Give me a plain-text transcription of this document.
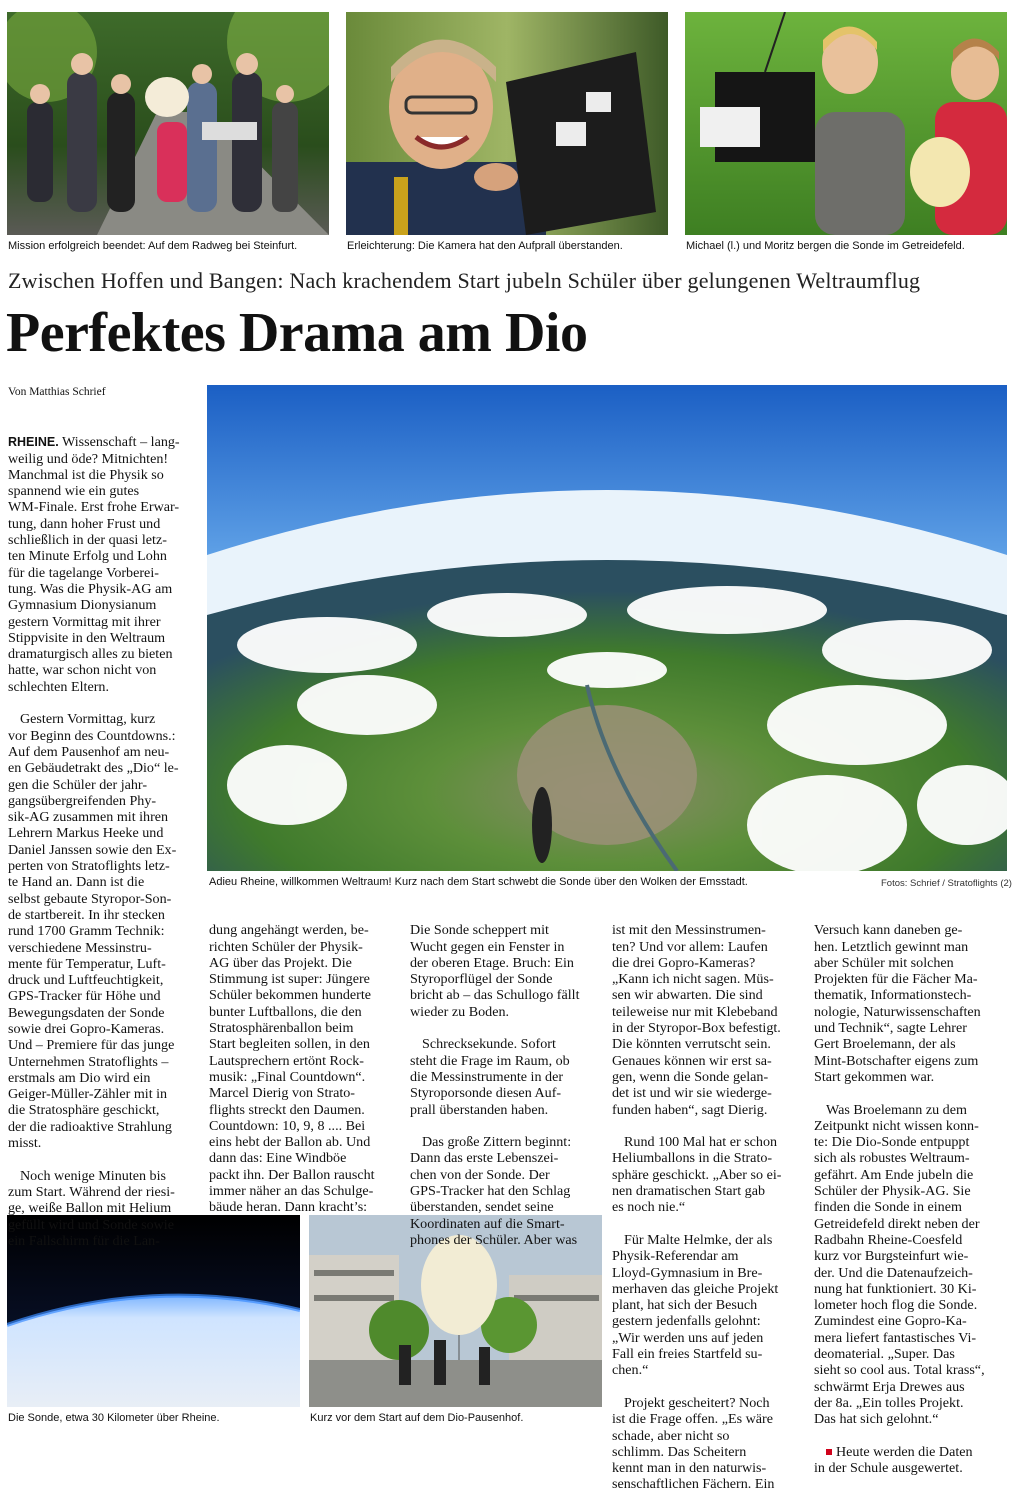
Mission erfolgreich beendet: Auf dem Radweg bei Steinfurt.	Erleichterung: Die Kamera hat den Aufprall überstanden.	Michael (l.) und Moritz bergen die Sonde im Getreidefeld.
Zwischen Hoffen und Bangen: Nach krachendem Start jubeln Schüler über gelungenen Weltraumflug
Perfektes Drama am Dio
Von Matthias Schrief
Adieu Rheine, willkommen Weltraum! Kurz nach dem Start schwebt die Sonde über den Wolken der Emsstadt.	Fotos: Schrief / Stratoflights (2)
Die Sonde, etwa 30 Kilometer über Rheine.	Kurz vor dem Start auf dem Dio-Pausenhof.

RHEINE. Wissenschaft – lang-
weilig und öde? Mitnichten!
Manchmal ist die Physik so
spannend wie ein gutes
WM-Finale. Erst frohe Erwar-
tung, dann hoher Frust und
schließlich in der quasi letz-
ten Minute Erfolg und Lohn
für die tagelange Vorberei-
tung. Was die Physik-AG am
Gymnasium Dionysianum
gestern Vormittag mit ihrer
Stippvisite in den Weltraum
dramaturgisch alles zu bieten
hatte, war schon nicht von
schlechten Eltern.

Gestern Vormittag, kurz
vor Beginn des Countdowns.:
Auf dem Pausenhof am neu-
en Gebäudetrakt des „Dio“ le-
gen die Schüler der jahr-
gangsübergreifenden Phy-
sik-AG zusammen mit ihren
Lehrern Markus Heeke und
Daniel Janssen sowie den Ex-
perten von Stratoflights letz-
te Hand an. Dann ist die
selbst gebaute Styropor-Son-
de startbereit. In ihr stecken
rund 1700 Gramm Technik:
verschiedene Messinstru-
mente für Temperatur, Luft-
druck und Luftfeuchtigkeit,
GPS-Tracker für Höhe und
Bewegungsdaten der Sonde
sowie drei Gopro-Kameras.
Und – Premiere für das junge
Unternehmen Stratoflights –
erstmals am Dio wird ein
Geiger-Müller-Zähler mit in
die Stratosphäre geschickt,
der die radioaktive Strahlung
misst.

Noch wenige Minuten bis
zum Start. Während der riesi-
ge, weiße Ballon mit Helium
gefüllt wird und Sonde sowie
ein Fallschirm für die Lan-

dung angehängt werden, be-
richten Schüler der Physik-
AG über das Projekt. Die
Stimmung ist super: Jüngere
Schüler bekommen hunderte
bunter Luftballons, die den
Stratosphärenballon beim
Start begleiten sollen, in den
Lautsprechern ertönt Rock-
musik: „Final Countdown“.
Marcel Dierig von Strato-
flights streckt den Daumen.
Countdown: 10, 9, 8 .... Bei
eins hebt der Ballon ab. Und
dann das: Eine Windböe
packt ihn. Der Ballon rauscht
immer näher an das Schulge-
bäude heran. Dann kracht’s:

Die Sonde scheppert mit
Wucht gegen ein Fenster in
der oberen Etage. Bruch: Ein
Styroporflügel der Sonde
bricht ab – das Schullogo fällt
wieder zu Boden.

Schrecksekunde. Sofort
steht die Frage im Raum, ob
die Messinstrumente in der
Styroporsonde diesen Auf-
prall überstanden haben.

Das große Zittern beginnt:
Dann das erste Lebenszei-
chen von der Sonde. Der
GPS-Tracker hat den Schlag
überstanden, sendet seine
Koordinaten auf die Smart-
phones der Schüler. Aber was

ist mit den Messinstrumen-
ten? Und vor allem: Laufen
die drei Gopro-Kameras?
„Kann ich nicht sagen. Müs-
sen wir abwarten. Die sind
teileweise nur mit Klebeband
in der Styropor-Box befestigt.
Die könnten verrutscht sein.
Genaues können wir erst sa-
gen, wenn die Sonde gelan-
det ist und wir sie wiederge-
funden haben“, sagt Dierig.

Rund 100 Mal hat er schon
Heliumballons in die Strato-
sphäre geschickt. „Aber so ei-
nen dramatischen Start gab
es noch nie.“

Für Malte Helmke, der als
Physik-Referendar am
Lloyd-Gymnasium in Bre-
merhaven das gleiche Projekt
plant, hat sich der Besuch
gestern jedenfalls gelohnt:
„Wir werden uns auf jeden
Fall ein freies Startfeld su-
chen.“

Projekt gescheitert? Noch
ist die Frage offen. „Es wäre
schade, aber nicht so
schlimm. Das Scheitern
kennt man in den naturwis-
senschaftlichen Fächern. Ein

Versuch kann daneben ge-
hen. Letztlich gewinnt man
aber Schüler mit solchen
Projekten für die Fächer Ma-
thematik, Informationstech-
nologie, Naturwissenschaften
und Technik“, sagte Lehrer
Gert Broelemann, der als
Mint-Botschafter eigens zum
Start gekommen war.

Was Broelemann zu dem
Zeitpunkt nicht wissen konn-
te: Die Dio-Sonde entpuppt
sich als robustes Weltraum-
gefährt. Am Ende jubeln die
Schüler der Physik-AG. Sie
finden die Sonde in einem
Getreidefeld direkt neben der
Radbahn Rheine-Coesfeld
kurz vor Burgsteinfurt wie-
der. Und die Datenaufzeich-
nung hat funktioniert. 30 Ki-
lometer hoch flog die Sonde.
Zumindest eine Gopro-Ka-
mera liefert fantastisches Vi-
deomaterial. „Super. Das
sieht so cool aus. Total krass“,
schwärmt Erja Drewes aus
der 8a. „Ein tolles Projekt.
Das hat sich gelohnt.“

Heute werden die Daten
in der Schule ausgewertet.
